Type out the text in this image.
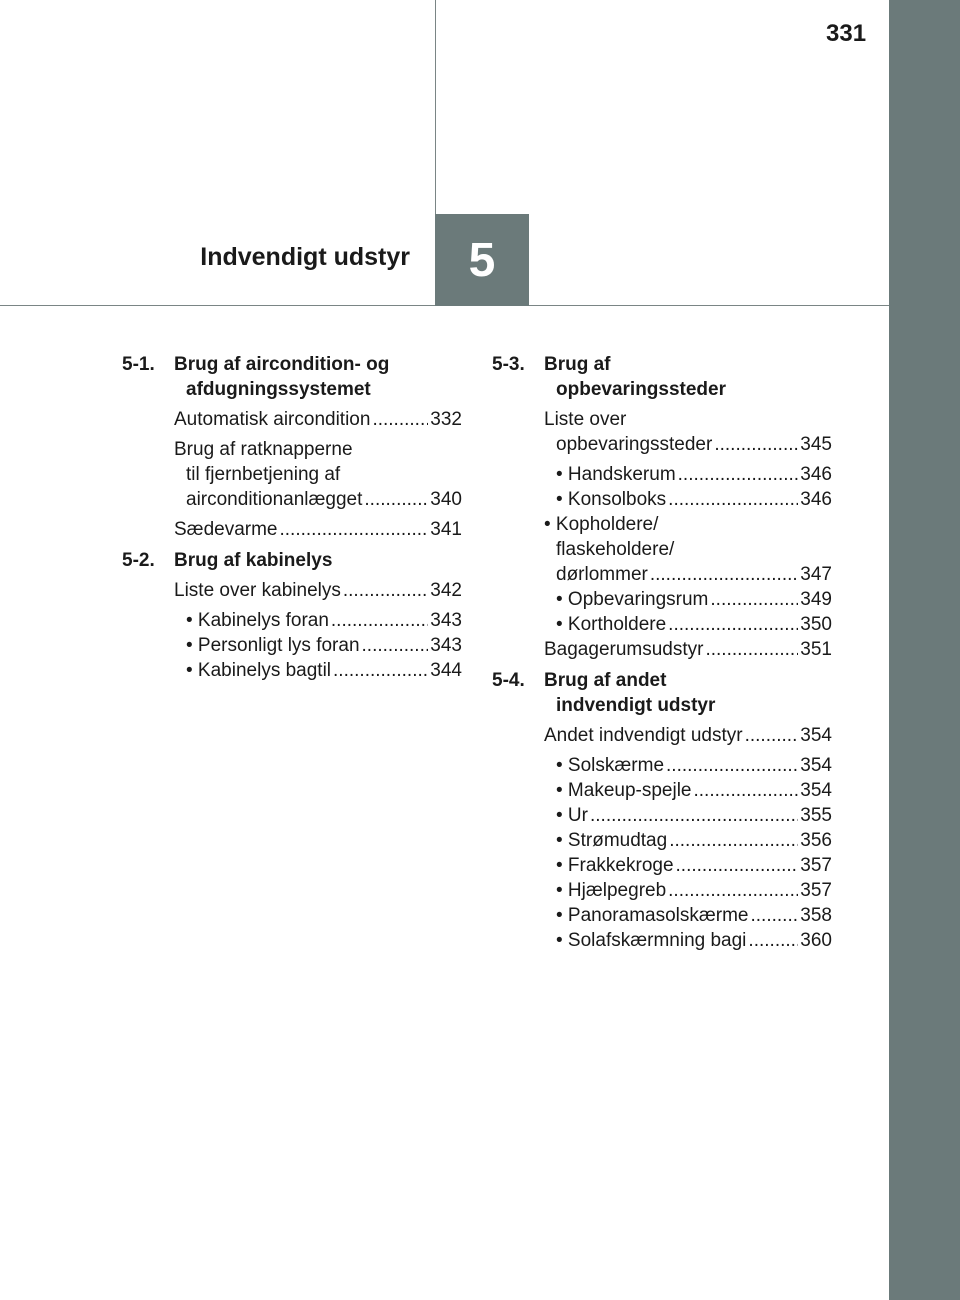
331
5
Indvendigt udstyr
5-1.	Brug af aircondition- og
afdugningssystemet
Automatisk aircondition .....	332
Brug af ratknapperne
til fjernbetjening af
airconditionanlægget .....	340
Sædevarme .....	341
5-2.	Brug af kabinelys
Liste over kabinelys .....	342
• Kabinelys foran .....	343
• Personligt lys foran .....	343
• Kabinelys bagtil .....	344
5-3.	Brug af
opbevaringssteder
Liste over
opbevaringssteder .....	345
• Handskerum .....	346
• Konsolboks .....	346
• Kopholdere/
flaskeholdere/
dørlommer .....	347
• Opbevaringsrum .....	349
• Kortholdere .....	350
Bagagerumsudstyr .....	351
5-4.	Brug af andet
indvendigt udstyr
Andet indvendigt udstyr .....	354
• Solskærme .....	354
• Makeup-spejle .....	354
• Ur .....	355
• Strømudtag .....	356
• Frakkekroge .....	357
• Hjælpegreb .....	357
• Panoramasolskærme .....	358
• Solafskærmning bagi .....	360
